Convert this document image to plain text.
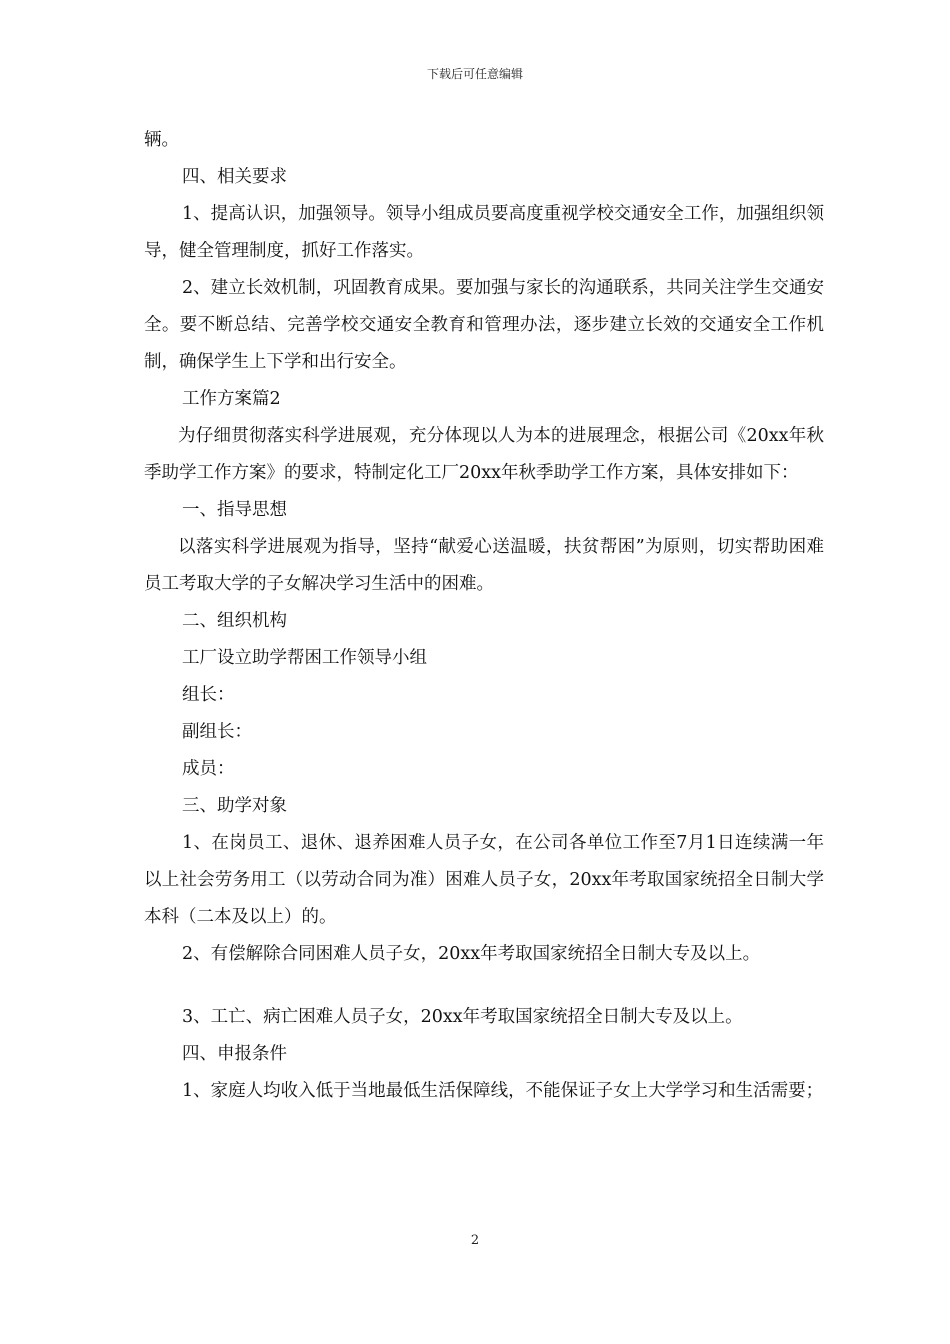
下载后可任意编辑

辆。

四、相关要求

1、提高认识，加强领导。领导小组成员要高度重视学校交通安全工作，加强组织领导，健全管理制度，抓好工作落实。

2、建立长效机制，巩固教育成果。要加强与家长的沟通联系，共同关注学生交通安全。要不断总结、完善学校交通安全教育和管理办法，逐步建立长效的交通安全工作机制，确保学生上下学和出行安全。

工作方案篇2

为仔细贯彻落实科学进展观，充分体现以人为本的进展理念，根据公司《20xx年秋季助学工作方案》的要求，特制定化工厂20xx年秋季助学工作方案，具体安排如下：

一、指导思想

以落实科学进展观为指导，坚持“献爱心送温暖，扶贫帮困”为原则，切实帮助困难员工考取大学的子女解决学习生活中的困难。

二、组织机构

工厂设立助学帮困工作领导小组

组长：

副组长：

成员：

三、助学对象

1、在岗员工、退休、退养困难人员子女，在公司各单位工作至7月1日连续满一年以上社会劳务用工（以劳动合同为准）困难人员子女，20xx年考取国家统招全日制大学本科（二本及以上）的。

2、有偿解除合同困难人员子女，20xx年考取国家统招全日制大专及以上。

3、工亡、病亡困难人员子女，20xx年考取国家统招全日制大专及以上。

四、申报条件

1、家庭人均收入低于当地最低生活保障线，不能保证子女上大学学习和生活需要；

2
